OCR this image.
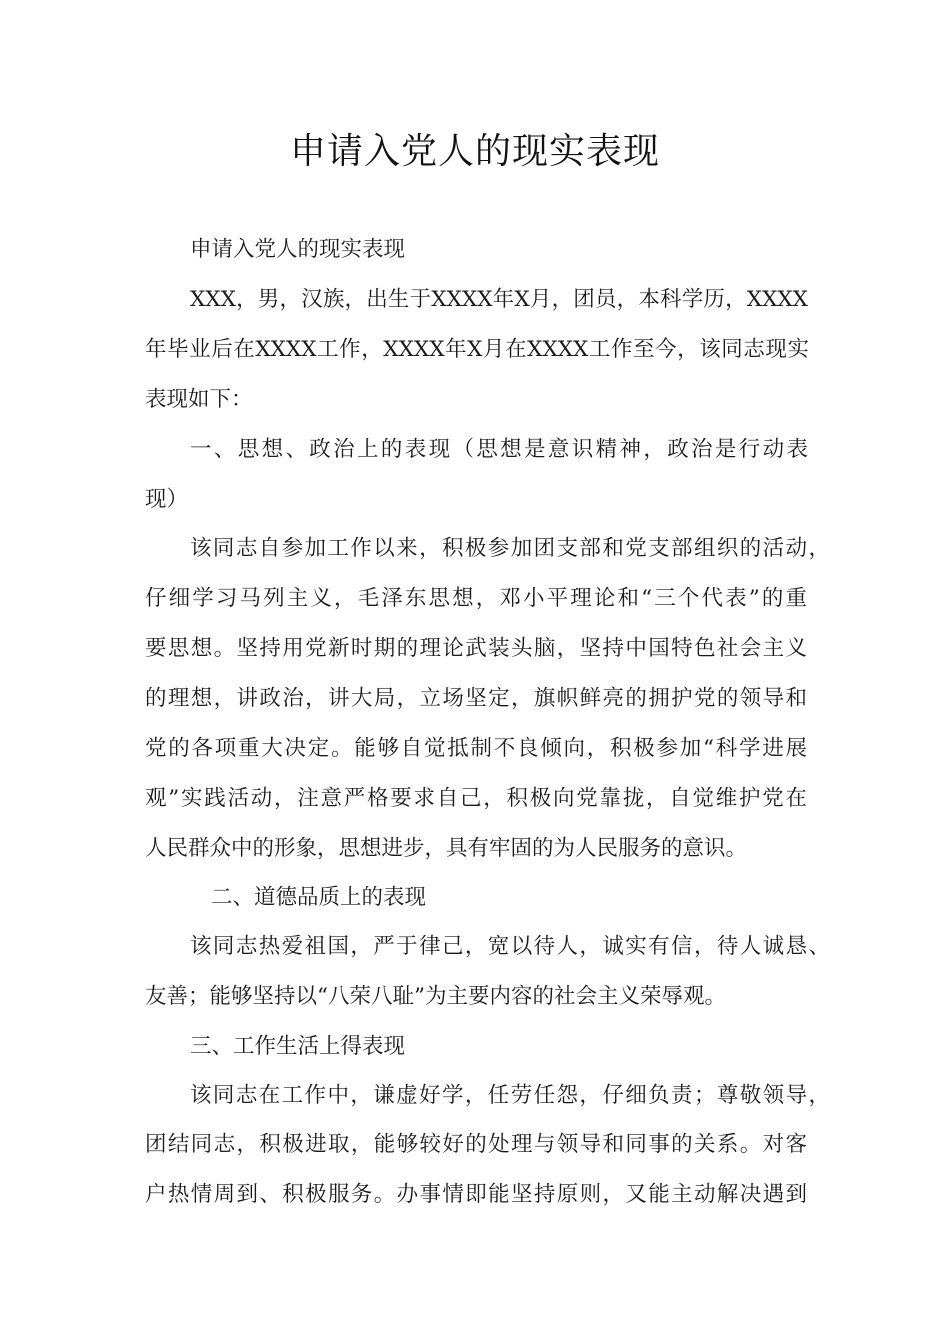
申请入党人的现实表现
申请入党人的现实表现
XXX，男，汉族，出生于XXXX年X月，团员，本科学历，XXXX
年毕业后在XXXX工作，XXXX年X月在XXXX工作至今，该同志现实
表现如下：
一、思想、政治上的表现（思想是意识精神，政治是行动表
现）
该同志自参加工作以来，积极参加团支部和党支部组织的活动，
仔细学习马列主义，毛泽东思想，邓小平理论和“三个代表”的重
要思想。坚持用党新时期的理论武装头脑，坚持中国特色社会主义
的理想，讲政治，讲大局，立场坚定，旗帜鲜亮的拥护党的领导和
党的各项重大决定。能够自觉抵制不良倾向，积极参加“科学进展
观”实践活动，注意严格要求自己，积极向党靠拢，自觉维护党在
人民群众中的形象，思想进步，具有牢固的为人民服务的意识。
二、道德品质上的表现
该同志热爱祖国，严于律己，宽以待人，诚实有信，待人诚恳、
友善；能够坚持以“八荣八耻”为主要内容的社会主义荣辱观。
三、工作生活上得表现
该同志在工作中，谦虚好学，任劳任怨，仔细负责；尊敬领导，
团结同志，积极进取，能够较好的处理与领导和同事的关系。对客
户热情周到、积极服务。办事情即能坚持原则，又能主动解决遇到
